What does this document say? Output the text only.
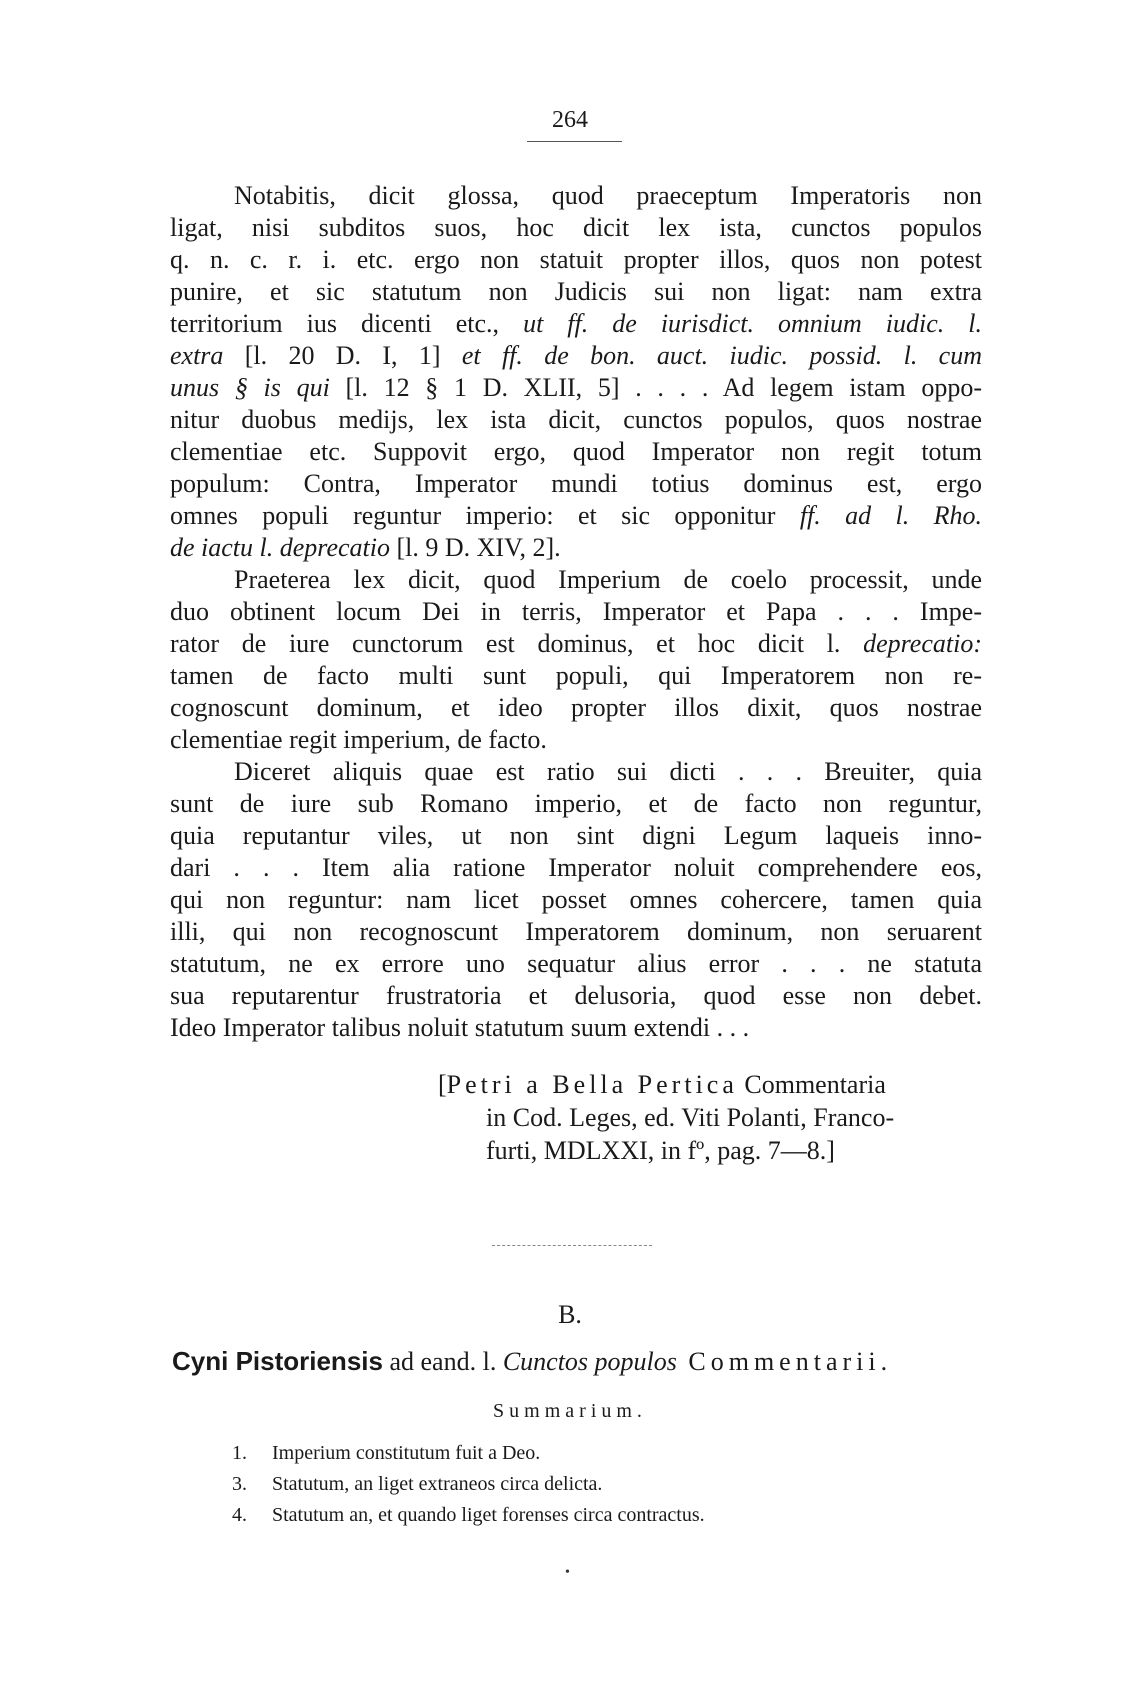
264
Notabitis, dicit glossa, quod praeceptum Imperatoris non
ligat, nisi subditos suos, hoc dicit lex ista, cunctos populos
q. n. c. r. i. etc. ergo non statuit propter illos, quos non potest
punire, et sic statutum non Judicis sui non ligat: nam extra
territorium ius dicenti etc., ut ff. de iurisdict. omnium iudic. l.
extra [l. 20 D. I, 1] et ff. de bon. auct. iudic. possid. l. cum
unus § is qui [l. 12 § 1 D. XLII, 5] . . . . Ad legem istam oppo-
nitur duobus medijs, lex ista dicit, cunctos populos, quos nostrae
clementiae etc. Suppovit ergo, quod Imperator non regit totum
populum: Contra, Imperator mundi totius dominus est, ergo
omnes populi reguntur imperio: et sic opponitur ff. ad l. Rho.
de iactu l. deprecatio [l. 9 D. XIV, 2].
Praeterea lex dicit, quod Imperium de coelo processit, unde
duo obtinent locum Dei in terris, Imperator et Papa . . . Impe-
rator de iure cunctorum est dominus, et hoc dicit l. deprecatio:
tamen de facto multi sunt populi, qui Imperatorem non re-
cognoscunt dominum, et ideo propter illos dixit, quos nostrae
clementiae regit imperium, de facto.
Diceret aliquis quae est ratio sui dicti . . . Breuiter, quia
sunt de iure sub Romano imperio, et de facto non reguntur,
quia reputantur viles, ut non sint digni Legum laqueis inno-
dari . . . Item alia ratione Imperator noluit comprehendere eos,
qui non reguntur: nam licet posset omnes cohercere, tamen quia
illi, qui non recognoscunt Imperatorem dominum, non seruarent
statutum, ne ex errore uno sequatur alius error . . . ne statuta
sua reputarentur frustratoria et delusoria, quod esse non debet.
Ideo Imperator talibus noluit statutum suum extendi . . .
[Petri a Bella Pertica Commentaria
in Cod. Leges, ed. Viti Polanti, Franco-
furti, MDLXXI, in fº, pag. 7—8.]
B.
Cyni Pistoriensis ad eand. l. Cunctos populos Commentarii.
Summarium.
1. Imperium constitutum fuit a Deo.
3. Statutum, an liget extraneos circa delicta.
4. Statutum an, et quando liget forenses circa contractus.
•
